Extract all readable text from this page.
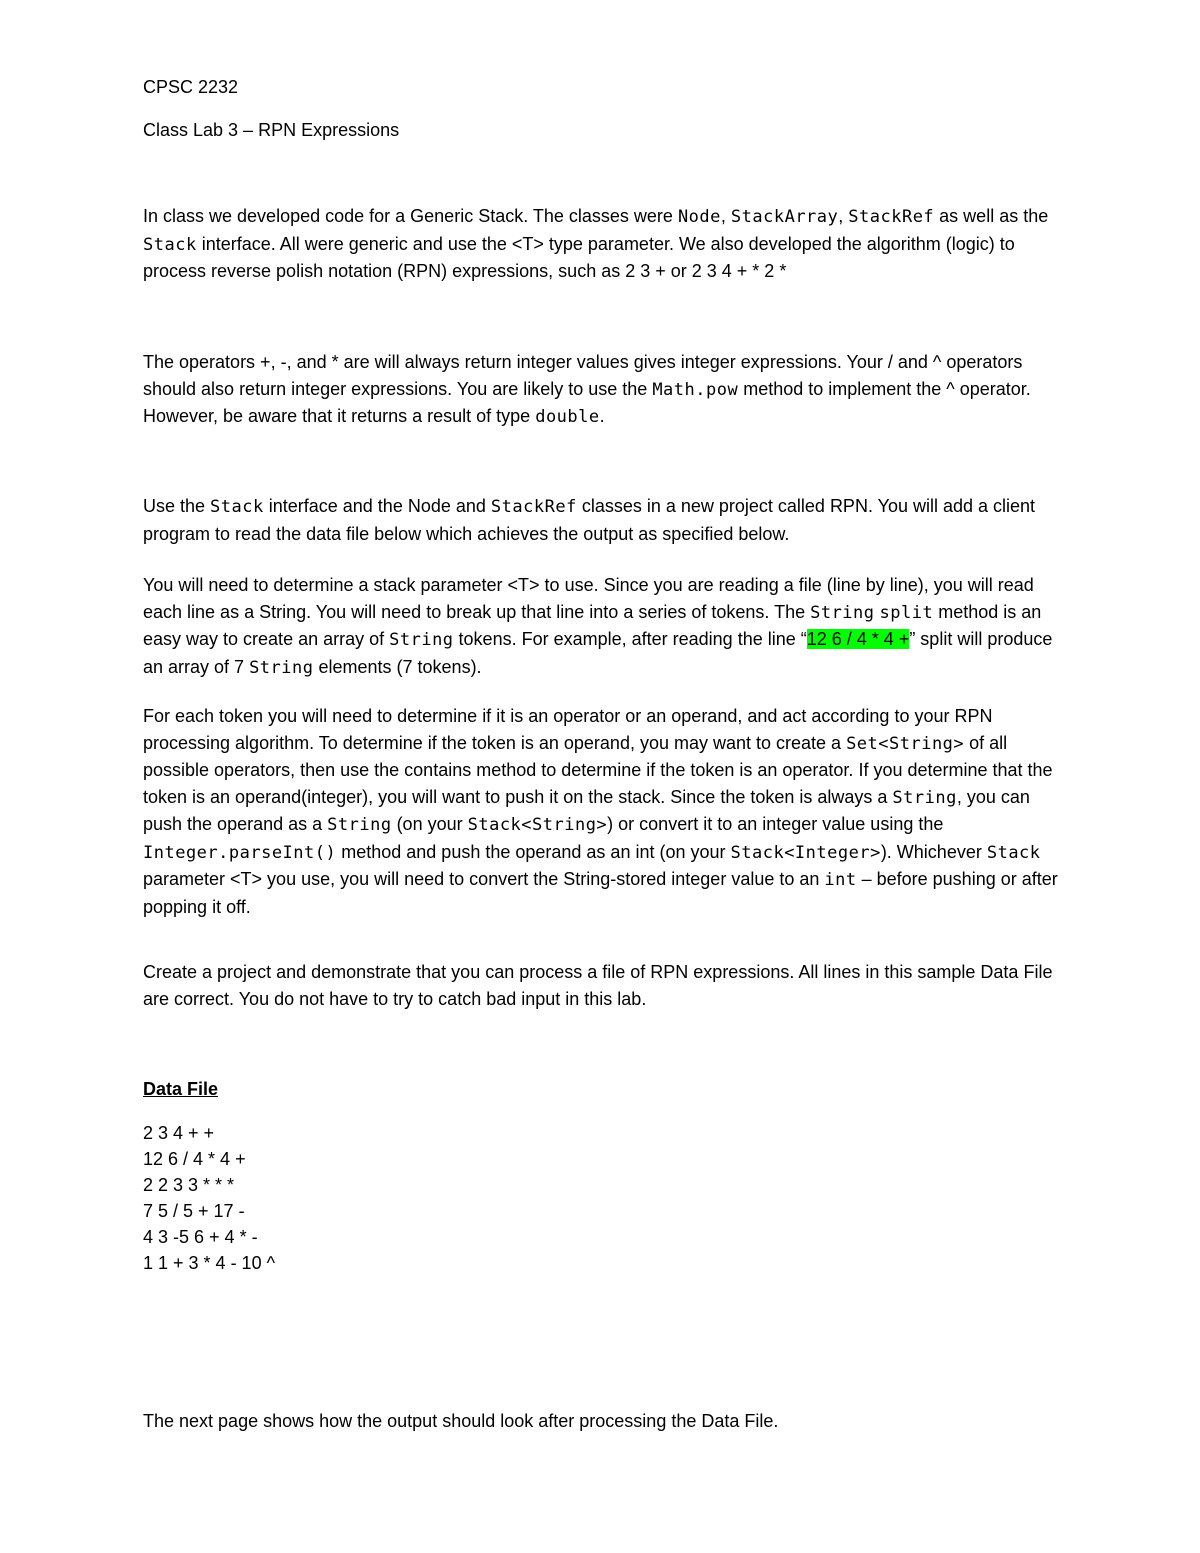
CPSC 2232
Class Lab 3 – RPN Expressions
In class we developed code for a Generic Stack. The classes were Node, StackArray, StackRef as well as the Stack interface. All were generic and use the <T> type parameter. We also developed the algorithm (logic) to process reverse polish notation (RPN) expressions, such as 2 3 + or 2 3 4 + * 2 *
The operators +, -, and * are will always return integer values gives integer expressions. Your / and ^ operators should also return integer expressions. You are likely to use the Math.pow method to implement the ^ operator. However, be aware that it returns a result of type double.
Use the Stack interface and the Node and StackRef classes in a new project called RPN. You will add a client program to read the data file below which achieves the output as specified below.
You will need to determine a stack parameter <T> to use. Since you are reading a file (line by line), you will read each line as a String. You will need to break up that line into a series of tokens. The String split method is an easy way to create an array of String tokens. For example, after reading the line “12 6 / 4 * 4 +” split will produce an array of 7 String elements (7 tokens).
For each token you will need to determine if it is an operator or an operand, and act according to your RPN processing algorithm. To determine if the token is an operand, you may want to create a Set<String> of all possible operators, then use the contains method to determine if the token is an operator. If you determine that the token is an operand(integer), you will want to push it on the stack. Since the token is always a String, you can push the operand as a String (on your Stack<String>) or convert it to an integer value using the Integer.parseInt() method and push the operand as an int (on your Stack<Integer>). Whichever Stack parameter <T> you use, you will need to convert the String-stored integer value to an int – before pushing or after popping it off.
Create a project and demonstrate that you can process a file of RPN expressions. All lines in this sample Data File are correct. You do not have to try to catch bad input in this lab.
Data File
2 3 4 + +
12 6 / 4 * 4 +
2 2 3 3 * * *
7 5 / 5 + 17 -
4 3 -5 6 + 4 * -
1 1 + 3 * 4 - 10 ^
The next page shows how the output should look after processing the Data File.
